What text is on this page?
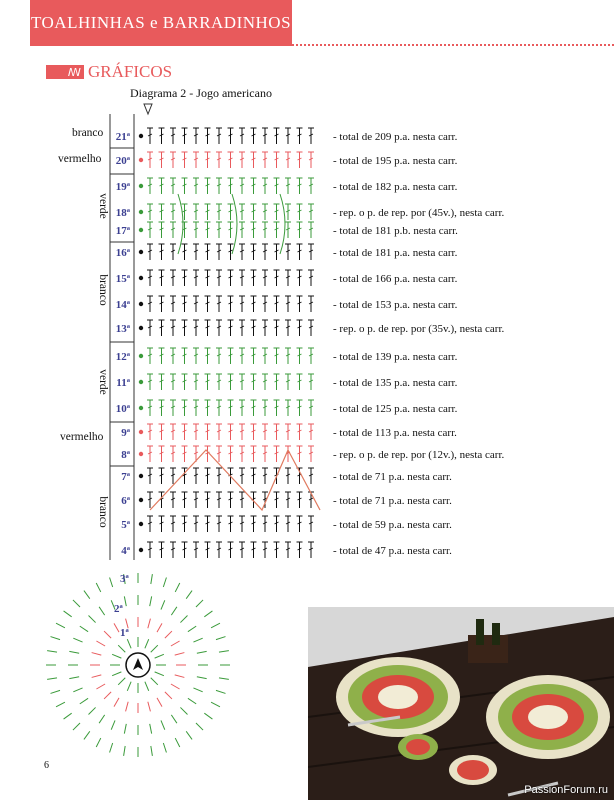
TOALHINHAS e BARRADINHOS
ꟿ GRÁFICOS
Diagrama 2 - Jogo americano
21ª	- total de 209 p.a. nesta carr.
20ª	- total de 195 p.a. nesta carr.
19ª	- total de 182 p.a. nesta carr.
18ª	- rep. o p. de rep. por (45v.), nesta carr.
17ª	- total de 181 p.b. nesta carr.
16ª	- total de 181 p.a. nesta carr.
15ª	- total de 166 p.a. nesta carr.
14ª	- total de 153 p.a. nesta carr.
13ª	- rep. o p. de rep. por (35v.), nesta carr.
12ª	- total de 139 p.a. nesta carr.
11ª	- total de 135 p.a. nesta carr.
10ª	- total de 125 p.a. nesta carr.
9ª	- total de 113 p.a. nesta carr.
8ª	- rep. o p. de rep. por (12v.), nesta carr.
7ª	- total de 71 p.a. nesta carr.
6ª	- total de 71 p.a. nesta carr.
5ª	- total de 59 p.a. nesta carr.
4ª	- total de 47 p.a. nesta carr.
branco
vermelho
verde
branco
verde
vermelho
branco
3ª
2ª
1ª
6
PassionForum.ru
